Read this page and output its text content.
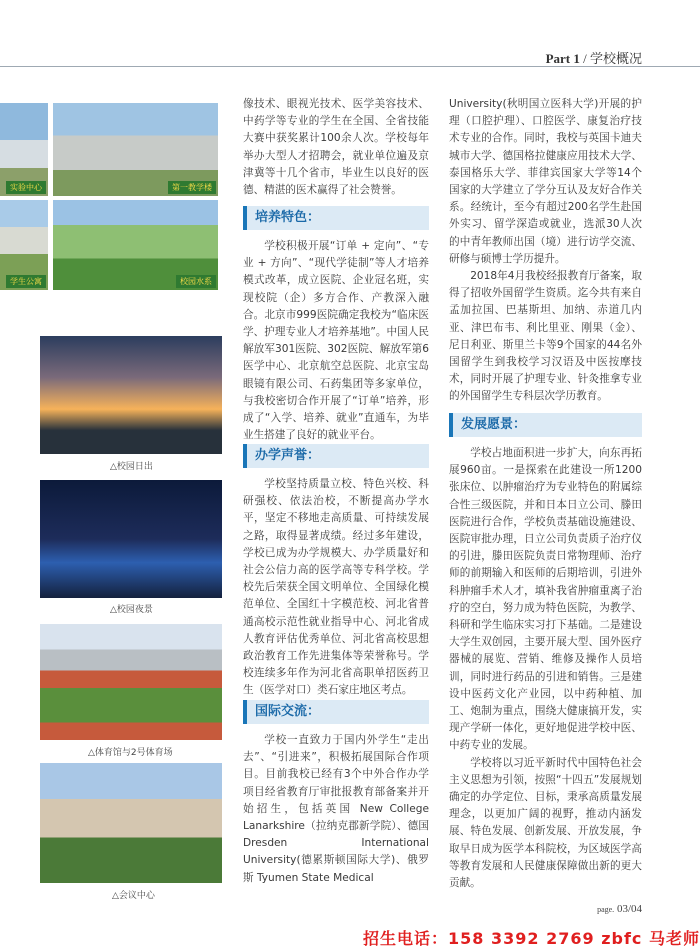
Part 1 / 学校概况
实验中心	第一教学楼
学生公寓	校园水系
△校园日出
△校园夜景
△体育馆与2号体育场
△会议中心

像技术、眼视光技术、医学美容技术、中药学等专业的学生在全国、全省技能大赛中获奖累计100余人次。学校每年举办大型人才招聘会，就业单位遍及京津冀等十几个省市，毕业生以良好的医德、精湛的医术赢得了社会赞誉。

培养特色：

学校积极开展“订单 + 定向”、“专业 + 方向”、“现代学徒制”等人才培养模式改革，成立医院、企业冠名班，实现校院（企）多方合作、产教深入融合。北京市999医院确定我校为“临床医学、护理专业人才培养基地”。中国人民解放军301医院、302医院、解放军第6医学中心、北京航空总医院、北京宝岛眼镜有限公司、石药集团等多家单位，与我校密切合作开展了“订单”培养，形成了“入学、培养、就业”直通车，为毕业生搭建了良好的就业平台。

办学声誉：

学校坚持质量立校、特色兴校、科研强校、依法治校，不断提高办学水平，坚定不移地走高质量、可持续发展之路，取得显著成绩。经过多年建设，学校已成为办学规模大、办学质量好和社会公信力高的医学高等专科学校。学校先后荣获全国文明单位、全国绿化模范单位、全国红十字模范校、河北省普通高校示范性就业指导中心、河北省成人教育评估优秀单位、河北省高校思想政治教育工作先进集体等荣誉称号。学校连续多年作为河北省高职单招医药卫生（医学对口）类石家庄地区考点。

国际交流：

学校一直致力于国内外学生“走出去”、“引进来”，积极拓展国际合作项目。目前我校已经有3个中外合作办学项目经省教育厅审批报教育部备案并开始招生，包括英国 New College Lanarkshire（拉纳克郡新学院）、德国 Dresden International University(德累斯顿国际大学)、俄罗斯 Tyumen State Medical

University(秋明国立医科大学)开展的护理（口腔护理）、口腔医学、康复治疗技术专业的合作。同时，我校与英国卡迪夫城市大学、德国格拉健康应用技术大学、泰国格乐大学、菲律宾国家大学等14个国家的大学建立了学分互认及友好合作关系。经统计，至今有超过200名学生赴国外实习、留学深造或就业，选派30人次的中青年教师出国（境）进行访学交流、研修与硕博士学历提升。

2018年4月我校经报教育厅备案，取得了招收外国留学生资质。迄今共有来自孟加拉国、巴基斯坦、加纳、赤道几内亚、津巴布韦、利比里亚、刚果（金）、尼日利亚、斯里兰卡等9个国家的44名外国留学生到我校学习汉语及中医按摩技术，同时开展了护理专业、针灸推拿专业的外国留学生专科层次学历教育。

发展愿景：

学校占地面积进一步扩大，向东再拓展960亩。一是探索在此建设一所1200张床位、以肿瘤治疗为专业特色的附属综合性三级医院，并和日本日立公司、滕田医院进行合作，学校负责基础设施建设、医院审批办理，日立公司负责质子治疗仪的引进，滕田医院负责日常物理师、治疗师的前期输入和医师的后期培训，引进外科肿瘤手术人才，填补我省肿瘤重离子治疗的空白，努力成为特色医院，为教学、科研和学生临床实习打下基础。二是建设大学生双创园，主要开展大型、国外医疗器械的展览、营销、维修及操作人员培训，同时进行药品的引进和销售。三是建设中医药文化产业园，以中药种植、加工、炮制为重点，围绕大健康搞开发，实现产学研一体化，更好地促进学校中医、中药专业的发展。

学校将以习近平新时代中国特色社会主义思想为引领，按照“十四五”发展规划确定的办学定位、目标，秉承高质量发展理念，以更加广阔的视野，推动内涵发展、特色发展、创新发展、开放发展，争取早日成为医学本科院校，为区域医学高等教育发展和人民健康保障做出新的更大贡献。

page. 03/04
招生电话：158 3392 2769 zbfc 马老师
